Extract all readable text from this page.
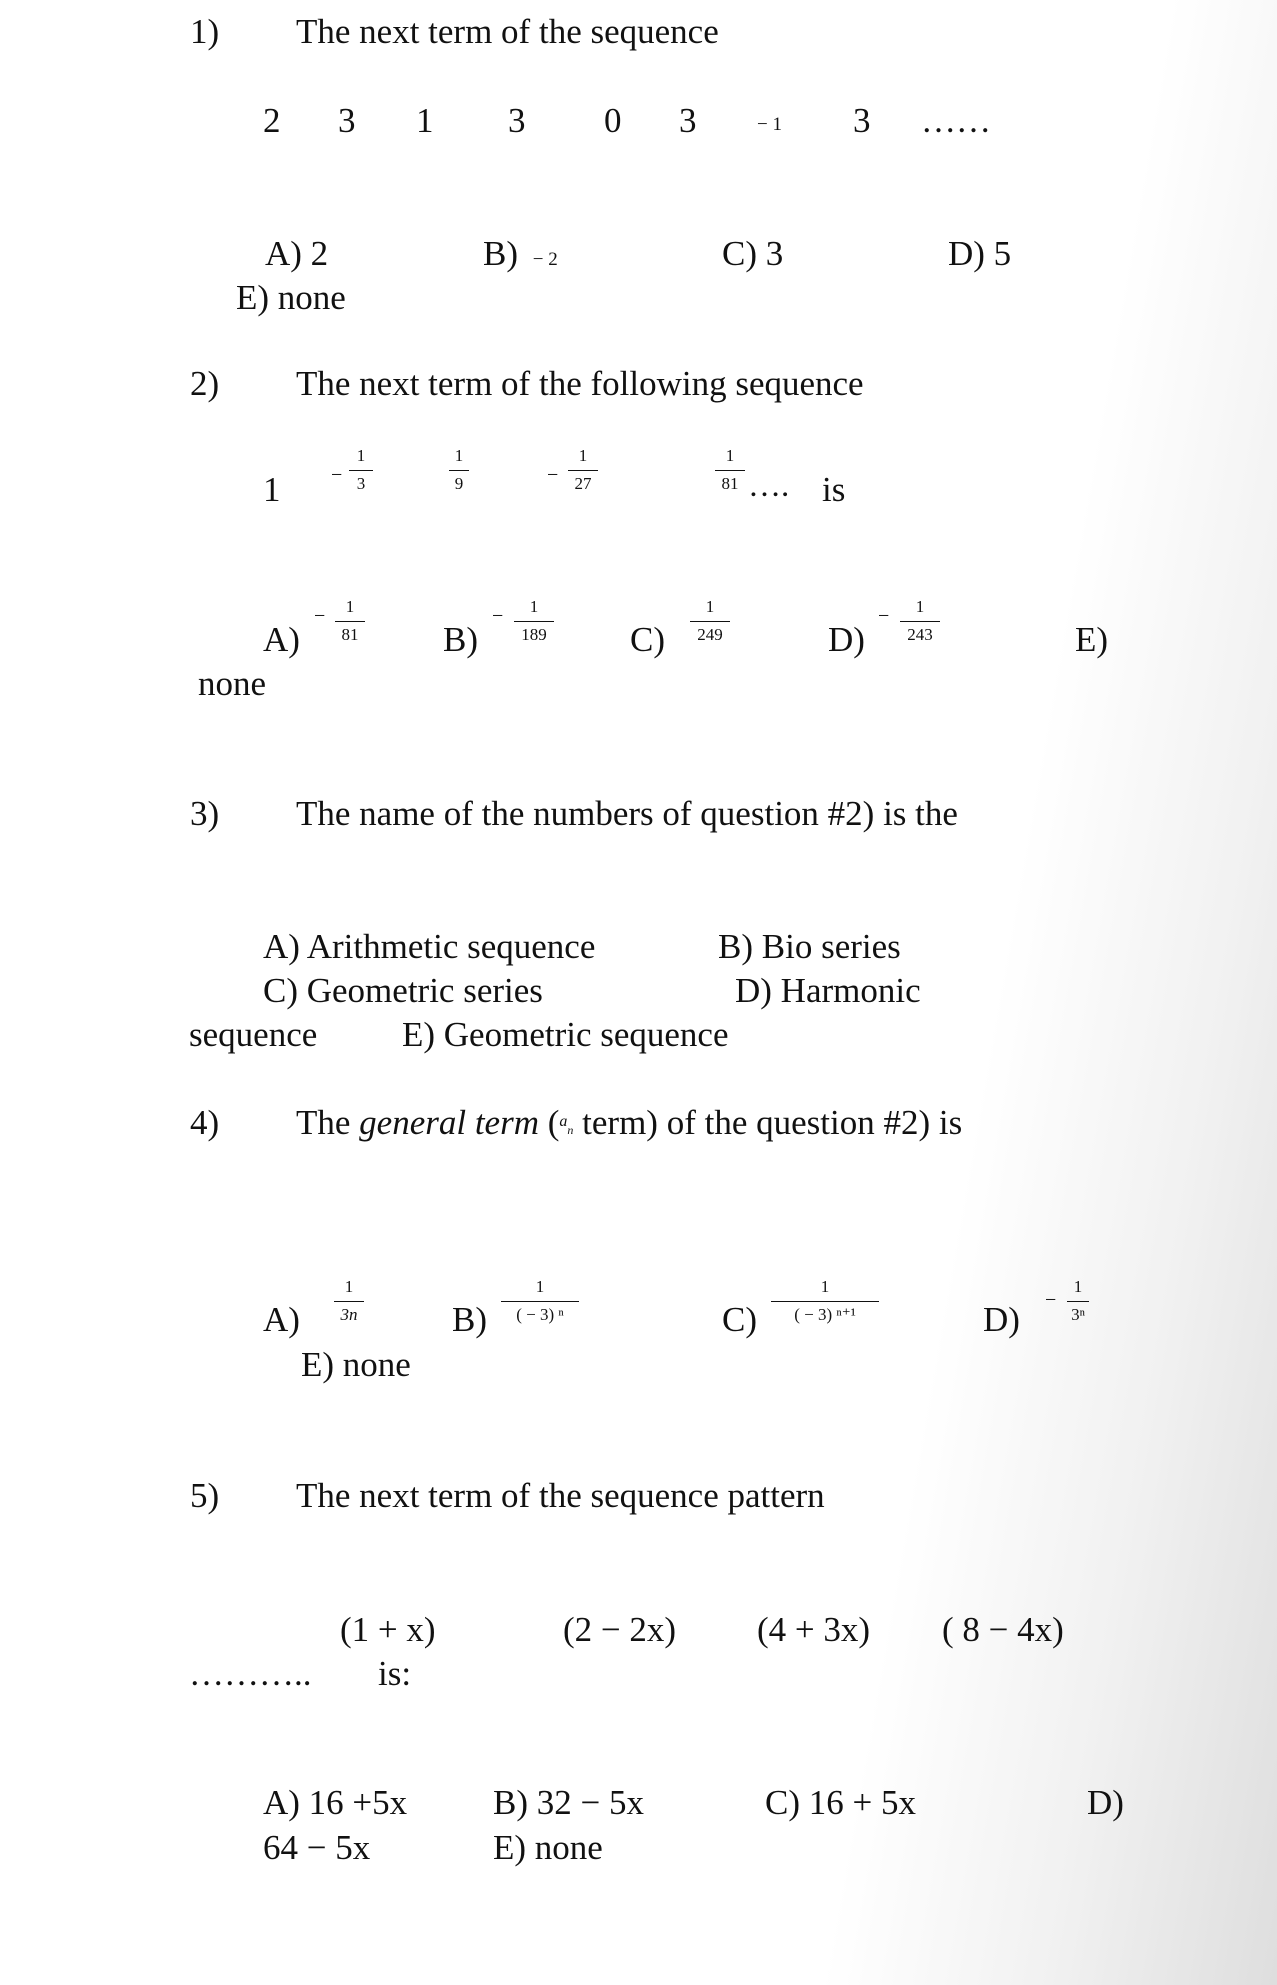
1) The next term of the sequence
2 3 1 3 0 3	− 1 3 ……
A) 2	B) − 2	C) 3	D) 5
E) none
2) The next term of the following sequence
1	−
1
3
1
9	−
1
27
1
81 …. is
A)
−	1
81	B)
−	1
189	C)
1
249	D)
−	1
243	E)
none
3) The name of the numbers of question #2) is the
A) Arithmetic sequence	B) Bio series
C) Geometric series	D) Harmonic
sequence E) Geometric sequence
4) The general term ($^a$n term) of the question #2) is
A)
1
3n	B)
1
( − 3) ⁿ	C)
1
( − 3) ⁿ⁺¹	D) −
1
3ⁿ
E) none
5) The next term of the sequence pattern
(1 + x)	(2 − 2x) (4 + 3x) ( 8 − 4x)
……….. is:
A) 16 +5x B) 32 − 5x	C) 16 + 5x	D)
64 − 5x	E) none
